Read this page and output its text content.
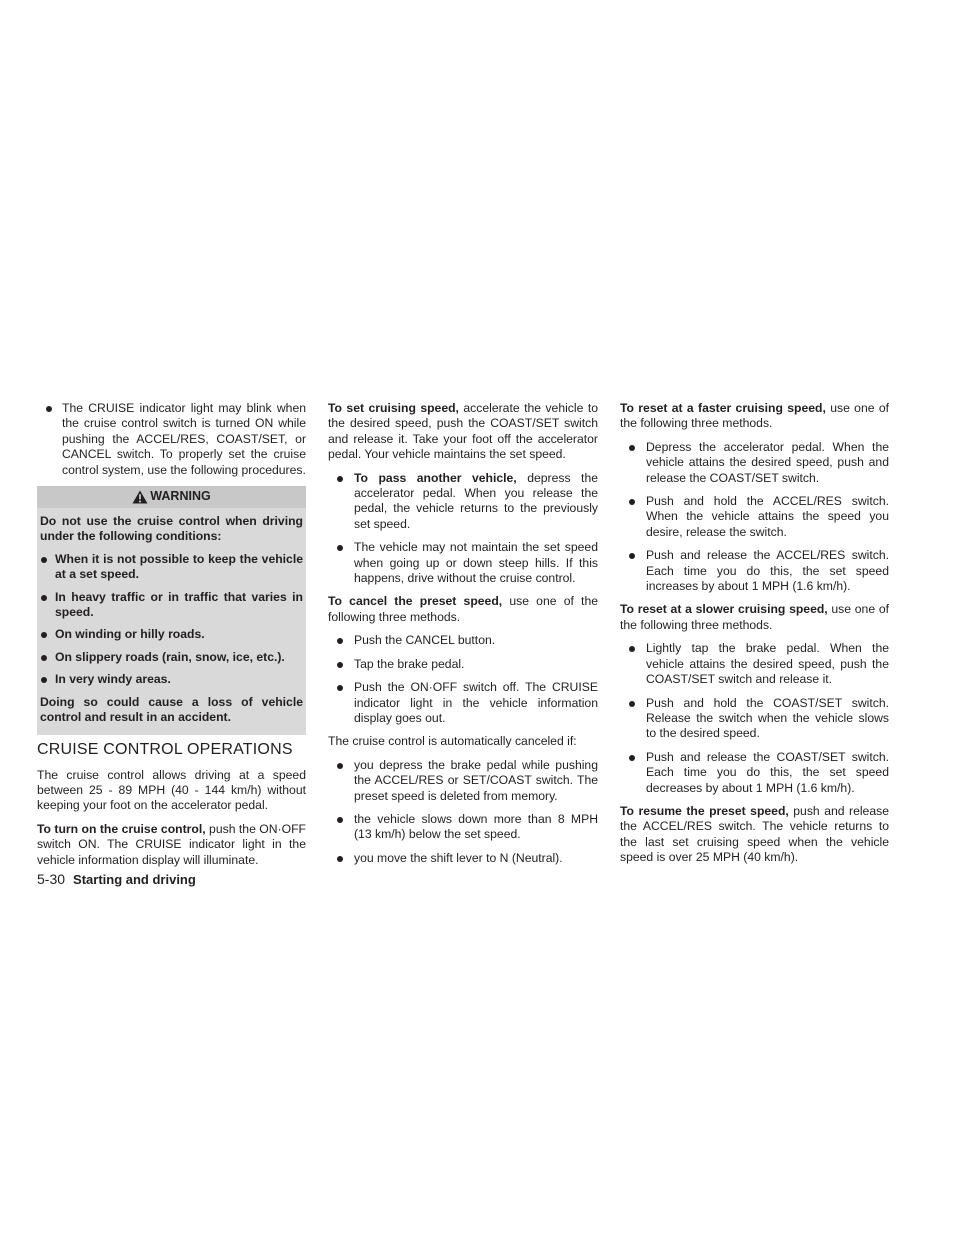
The CRUISE indicator light may blink when the cruise control switch is turned ON while pushing the ACCEL/RES, COAST/SET, or CANCEL switch. To properly set the cruise control system, use the following procedures.
WARNING

Do not use the cruise control when driving under the following conditions:

When it is not possible to keep the vehicle at a set speed.
In heavy traffic or in traffic that varies in speed.
On winding or hilly roads.
On slippery roads (rain, snow, ice, etc.).
In very windy areas.

Doing so could cause a loss of vehicle control and result in an accident.

CRUISE CONTROL OPERATIONS

The cruise control allows driving at a speed between 25 - 89 MPH (40 - 144 km/h) without keeping your foot on the accelerator pedal.

To turn on the cruise control, push the ON·OFF switch ON. The CRUISE indicator light in the vehicle information display will illuminate.

To set cruising speed, accelerate the vehicle to the desired speed, push the COAST/SET switch and release it. Take your foot off the accelerator pedal. Your vehicle maintains the set speed.

To pass another vehicle, depress the accelerator pedal. When you release the pedal, the vehicle returns to the previously set speed.
The vehicle may not maintain the set speed when going up or down steep hills. If this happens, drive without the cruise control.

To cancel the preset speed, use one of the following three methods.

Push the CANCEL button.
Tap the brake pedal.
Push the ON·OFF switch off. The CRUISE indicator light in the vehicle information display goes out.

The cruise control is automatically canceled if:

you depress the brake pedal while pushing the ACCEL/RES or SET/COAST switch. The preset speed is deleted from memory.
the vehicle slows down more than 8 MPH (13 km/h) below the set speed.
you move the shift lever to N (Neutral).

To reset at a faster cruising speed, use one of the following three methods.

Depress the accelerator pedal. When the vehicle attains the desired speed, push and release the COAST/SET switch.
Push and hold the ACCEL/RES switch. When the vehicle attains the speed you desire, release the switch.
Push and release the ACCEL/RES switch. Each time you do this, the set speed increases by about 1 MPH (1.6 km/h).

To reset at a slower cruising speed, use one of the following three methods.

Lightly tap the brake pedal. When the vehicle attains the desired speed, push the COAST/SET switch and release it.
Push and hold the COAST/SET switch. Release the switch when the vehicle slows to the desired speed.
Push and release the COAST/SET switch. Each time you do this, the set speed decreases by about 1 MPH (1.6 km/h).

To resume the preset speed, push and release the ACCEL/RES switch. The vehicle returns to the last set cruising speed when the vehicle speed is over 25 MPH (40 km/h).

5-30 Starting and driving
